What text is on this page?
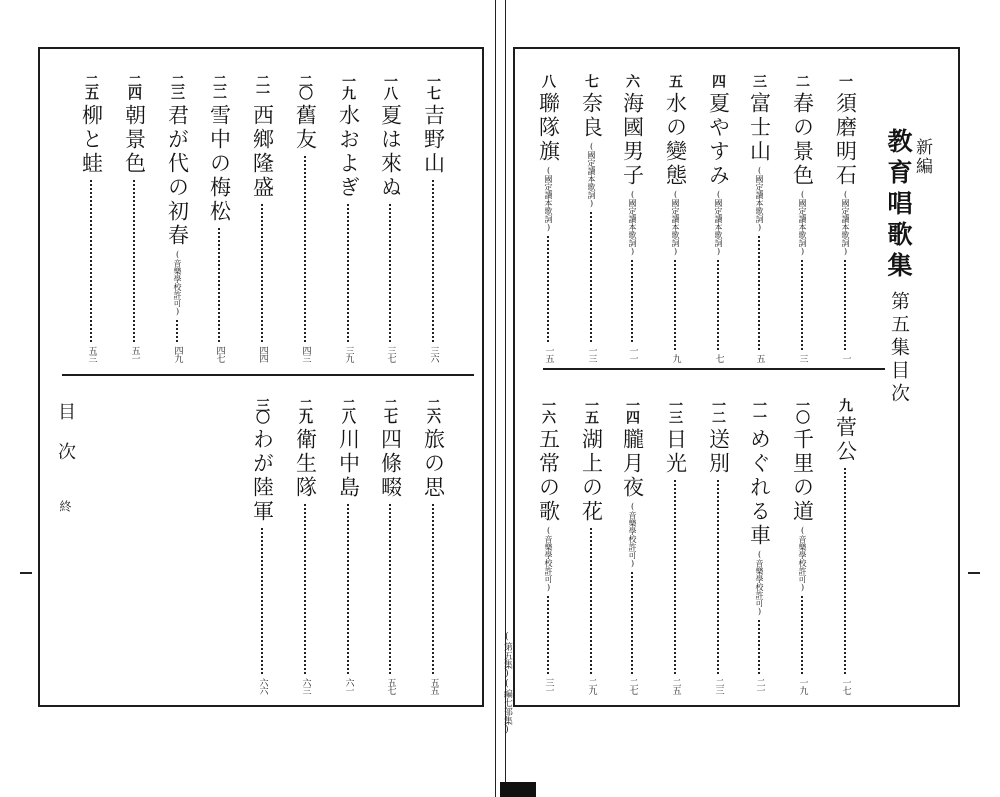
新編
教育唱歌集
第五集目次
一
須磨明石
(國定讀本歌詞)
一
二
春の景色
(國定讀本歌詞)
三
三
富士山
(國定讀本歌詞)
五
四
夏やすみ
(國定讀本歌詞)
七
五
水の變態
(國定讀本歌詞)
九
六
海國男子
(國定讀本歌詞)
一一
七
奈良
(國定讀本歌詞)
一三
八
聯隊旗
(國定讀本歌詞)
一五
九
菅公
一七
一〇
千里の道
(音樂學校許可)
一九
一一
めぐれる車
(音樂學校許可)
二一
一二
送別
二三
一三
日光
二五
一四
朧月夜
(音樂學校許可)
二七
一五
湖上の花
二九
一六
五常の歌
(音樂學校許可)
三一
一七
吉野山
三六
一八
夏は來ぬ
三七
一九
水およぎ
三九
二〇
舊友
四三
二一
西鄉隆盛
四四
二二
雪中の梅松
四七
二三
君が代の初春
(音樂學校許可)
四九
二四
朝景色
五一
二五
柳と蛙
五三
二六
旅の思
五五
二七
四條畷
五七
二八
川中島
六一
二九
衛生隊
六三
三〇
わが陸軍
六六
目次
終
(第五集)(編七部集)
